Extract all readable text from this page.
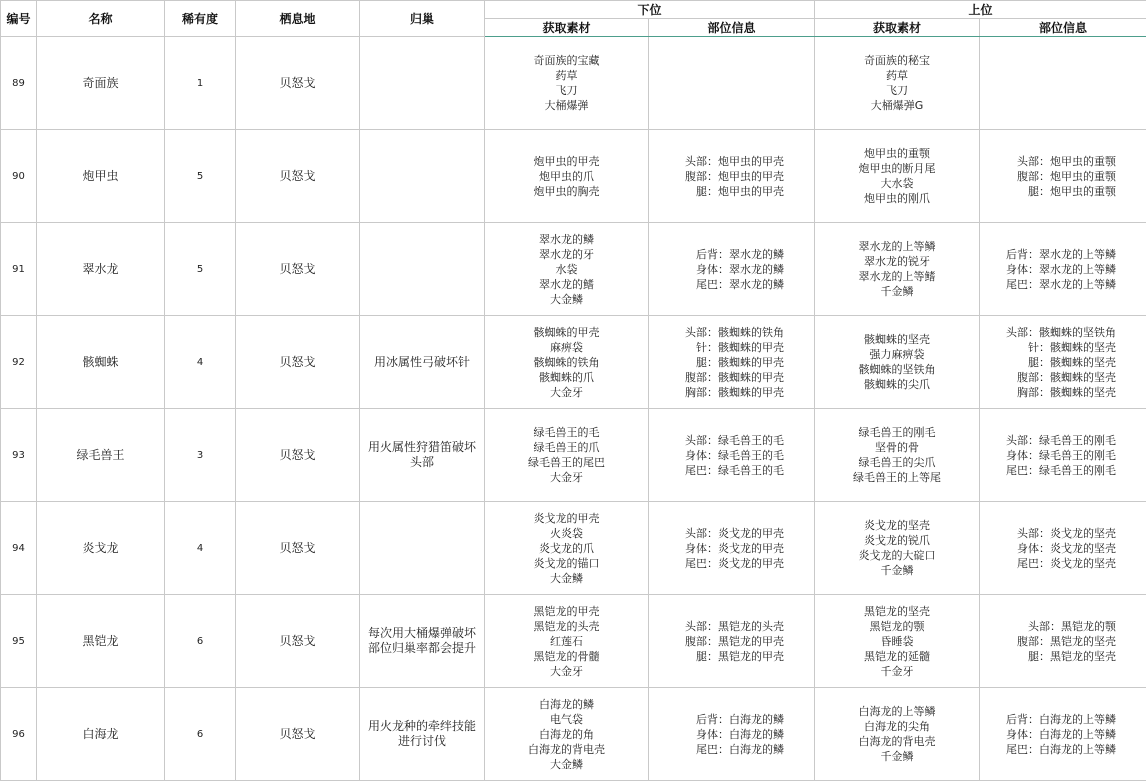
编号	名称	稀有度	栖息地	归巢	下位		上位	
					获取素材	部位信息	获取素材	部位信息
89	奇面族	1	贝怒戈		奇面族的宝藏
药草
飞刀
大桶爆弹		奇面族的秘宝
药草
飞刀
大桶爆弹G	

90	炮甲虫	5	贝怒戈		炮甲虫的甲壳
炮甲虫的爪
炮甲虫的胸壳	头部：炮甲虫的甲壳
腹部：炮甲虫的甲壳
腿：炮甲虫的甲壳	炮甲虫的重颚
炮甲虫的断月尾
大水袋
炮甲虫的刚爪	头部：炮甲虫的重颚
腹部：炮甲虫的重颚
腿：炮甲虫的重颚

91	翠水龙	5	贝怒戈		翠水龙的鳞
翠水龙的牙
水袋
翠水龙的鳍
大金鳞	后背：翠水龙的鳞
身体：翠水龙的鳞
尾巴：翠水龙的鳞	翠水龙的上等鳞
翠水龙的锐牙
翠水龙的上等鳍
千金鳞	后背：翠水龙的上等鳞
身体：翠水龙的上等鳞
尾巴：翠水龙的上等鳞

92	骸蜘蛛	4	贝怒戈	用冰属性弓破坏针	骸蜘蛛的甲壳
麻痹袋
骸蜘蛛的铁角
骸蜘蛛的爪
大金牙	头部：骸蜘蛛的铁角
针：骸蜘蛛的甲壳
腿：骸蜘蛛的甲壳
腹部：骸蜘蛛的甲壳
胸部：骸蜘蛛的甲壳	骸蜘蛛的坚壳
强力麻痹袋
骸蜘蛛的坚铁角
骸蜘蛛的尖爪	头部：骸蜘蛛的坚铁角
针：骸蜘蛛的坚壳
腿：骸蜘蛛的坚壳
腹部：骸蜘蛛的坚壳
胸部：骸蜘蛛的坚壳

93	绿毛兽王	3	贝怒戈	用火属性狩猎笛破坏头部	绿毛兽王的毛
绿毛兽王的爪
绿毛兽王的尾巴
大金牙	头部：绿毛兽王的毛
身体：绿毛兽王的毛
尾巴：绿毛兽王的毛	绿毛兽王的刚毛
坚骨的骨
绿毛兽王的尖爪
绿毛兽王的上等尾	头部：绿毛兽王的刚毛
身体：绿毛兽王的刚毛
尾巴：绿毛兽王的刚毛

94	炎戈龙	4	贝怒戈		炎戈龙的甲壳
火炎袋
炎戈龙的爪
炎戈龙的锚口
大金鳞	头部：炎戈龙的甲壳
身体：炎戈龙的甲壳
尾巴：炎戈龙的甲壳	炎戈龙的坚壳
炎戈龙的锐爪
炎戈龙的大碇口
千金鳞	头部：炎戈龙的坚壳
身体：炎戈龙的坚壳
尾巴：炎戈龙的坚壳

95	黑铠龙	6	贝怒戈	每次用大桶爆弹破坏部位归巢率都会提升	黑铠龙的甲壳
黑铠龙的头壳
红莲石
黑铠龙的骨髓
大金牙	头部：黑铠龙的头壳
腹部：黑铠龙的甲壳
腿：黑铠龙的甲壳	黑铠龙的坚壳
黑铠龙的颚
昏睡袋
黑铠龙的延髓
千金牙	头部：黑铠龙的颚
腹部：黑铠龙的坚壳
腿：黑铠龙的坚壳

96	白海龙	6	贝怒戈	用火龙种的牵绊技能进行讨伐	白海龙的鳞
电气袋
白海龙的角
白海龙的背电壳
大金鳞	后背：白海龙的鳞
身体：白海龙的鳞
尾巴：白海龙的鳞	白海龙的上等鳞
白海龙的尖角
白海龙的背电壳
千金鳞	后背：白海龙的上等鳞
身体：白海龙的上等鳞
尾巴：白海龙的上等鳞
